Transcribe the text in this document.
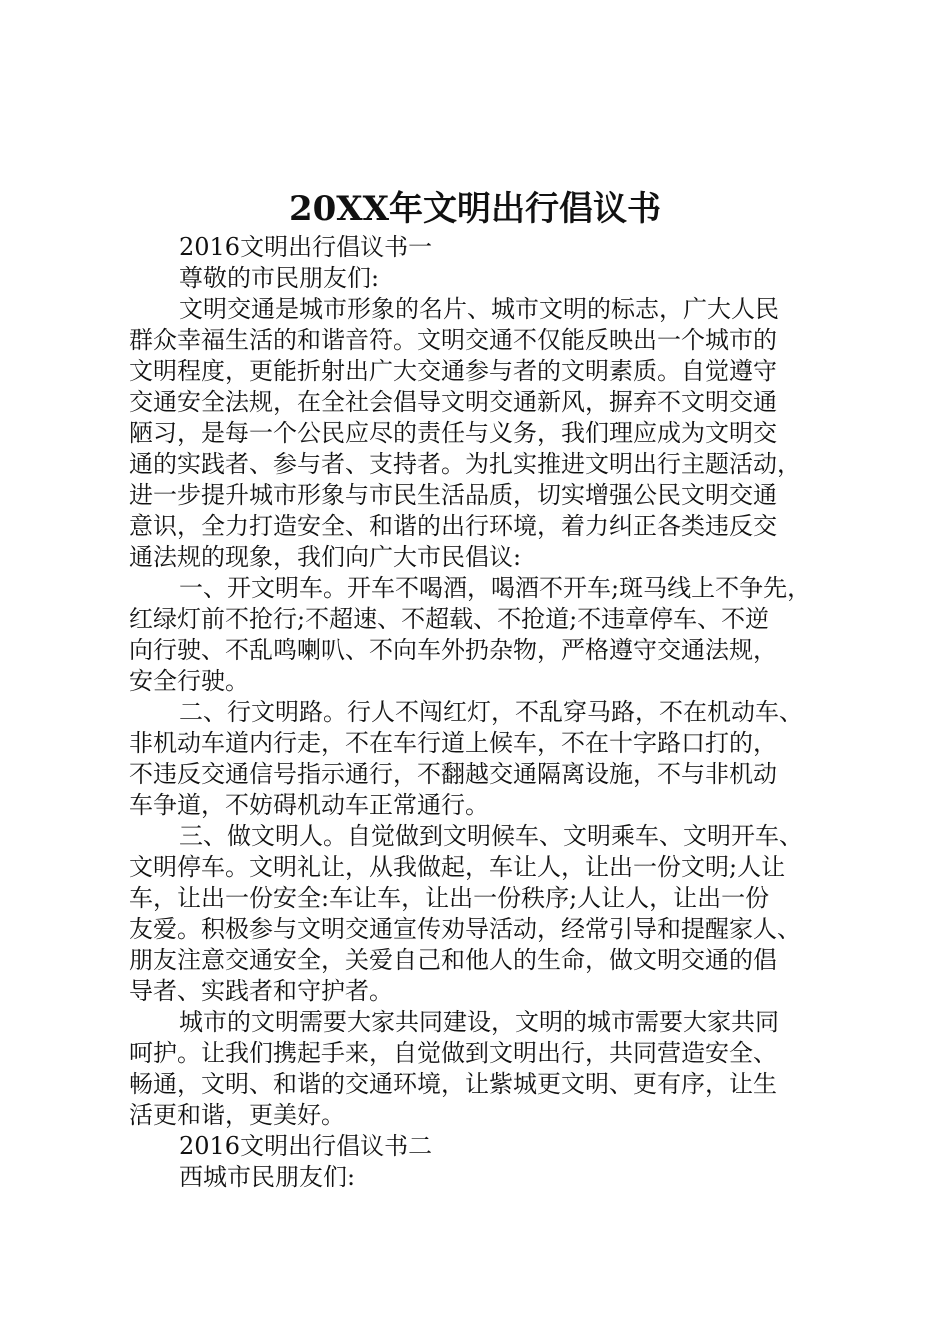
20XX年文明出行倡议书
2016文明出行倡议书一
尊敬的市民朋友们:
文明交通是城市形象的名片、城市文明的标志，广大人民
群众幸福生活的和谐音符。文明交通不仅能反映出一个城市的
文明程度，更能折射出广大交通参与者的文明素质。自觉遵守
交通安全法规，在全社会倡导文明交通新风，摒弃不文明交通
陋习，是每一个公民应尽的责任与义务，我们理应成为文明交
通的实践者、参与者、支持者。为扎实推进文明出行主题活动，
进一步提升城市形象与市民生活品质，切实增强公民文明交通
意识，全力打造安全、和谐的出行环境，着力纠正各类违反交
通法规的现象，我们向广大市民倡议:
一、开文明车。开车不喝酒，喝酒不开车;斑马线上不争先，
红绿灯前不抢行;不超速、不超载、不抢道;不违章停车、不逆
向行驶、不乱鸣喇叭、不向车外扔杂物，严格遵守交通法规，
安全行驶。
二、行文明路。行人不闯红灯，不乱穿马路，不在机动车、
非机动车道内行走，不在车行道上候车，不在十字路口打的，
不违反交通信号指示通行，不翻越交通隔离设施，不与非机动
车争道，不妨碍机动车正常通行。
三、做文明人。自觉做到文明候车、文明乘车、文明开车、
文明停车。文明礼让，从我做起，车让人，让出一份文明;人让
车，让出一份安全:车让车，让出一份秩序;人让人，让出一份
友爱。积极参与文明交通宣传劝导活动，经常引导和提醒家人、
朋友注意交通安全，关爱自己和他人的生命，做文明交通的倡
导者、实践者和守护者。
城市的文明需要大家共同建设，文明的城市需要大家共同
呵护。让我们携起手来，自觉做到文明出行，共同营造安全、
畅通，文明、和谐的交通环境，让紫城更文明、更有序，让生
活更和谐，更美好。
2016文明出行倡议书二
西城市民朋友们:
